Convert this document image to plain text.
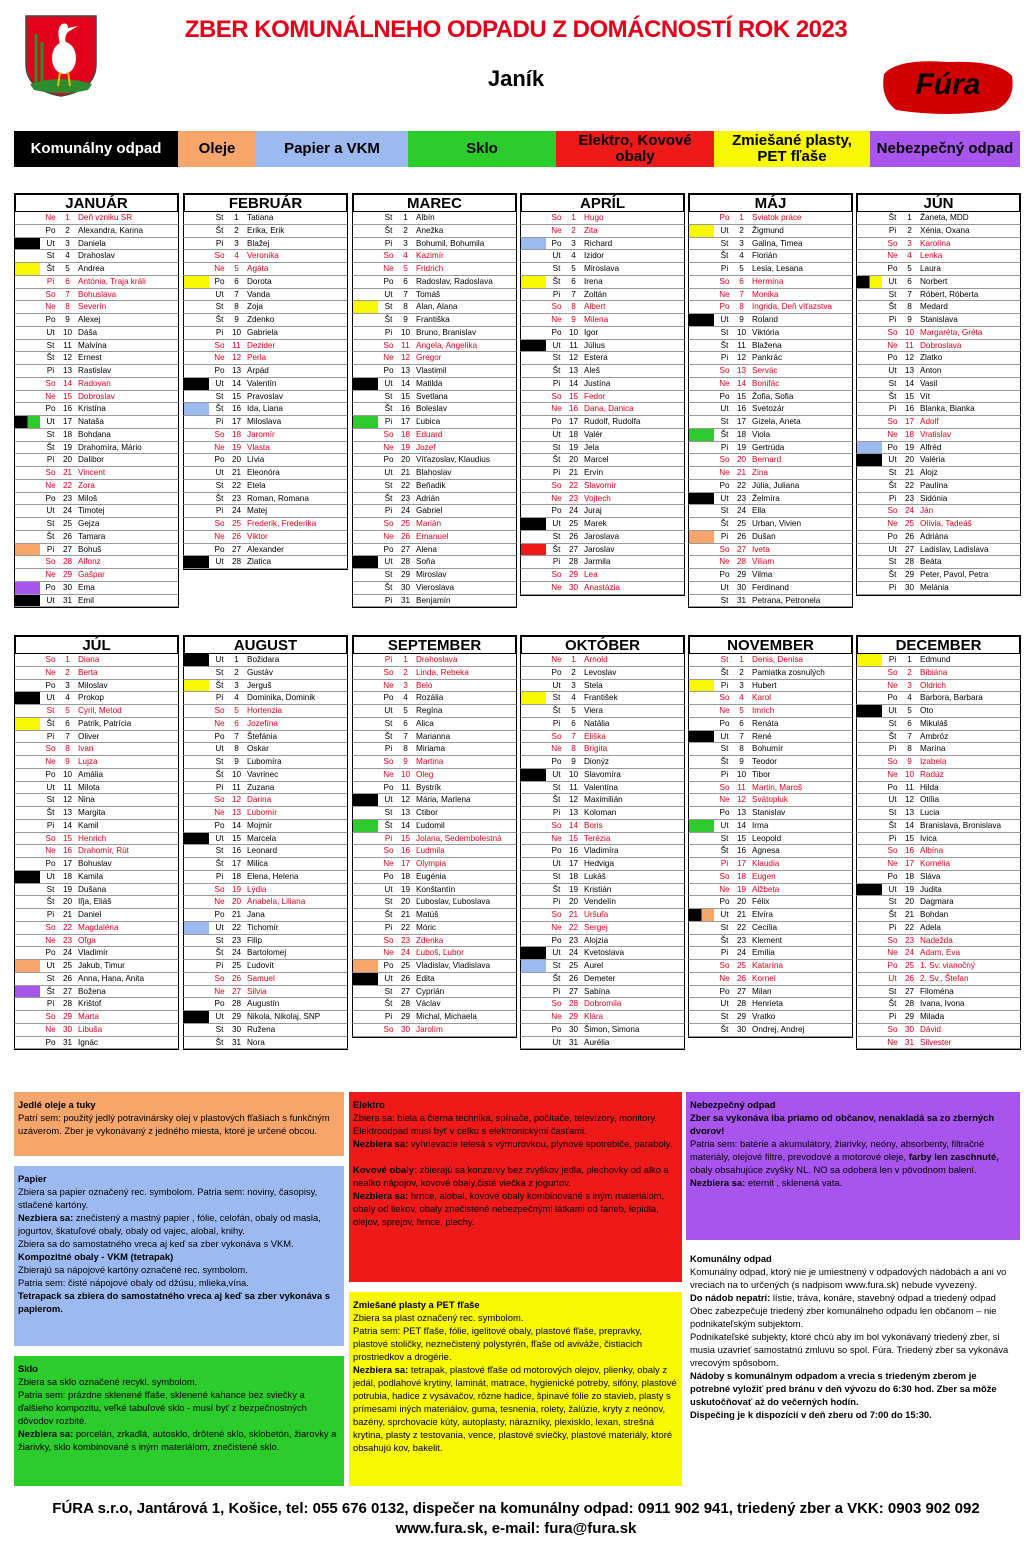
ZBER KOMUNÁLNEHO ODPADU Z DOMÁCNOSTÍ ROK 2023
Janík	Fúra
Komunálny odpad	Oleje	Papier a VKM	Sklo	Elektro, Kovové obaly
Zmiešané plasty, PET fľaše	Nebezpečný odpad
JANUÁR
Ne	1	Deň vzniku SR
Po	2	Alexandra, Karina
Ut	3	Daniela
St	4	Drahoslav
Št	5	Andrea
Pi	6	Antónia, Traja králi
So	7	Bohuslava
Ne	8	Severín
Po	9	Alexej
Ut	10 Dáša
St	11 Malvína
Št	12 Ernest
Pi	13 Rastislav
So 14 Radovan
Ne 15 Dobroslav
Po 16 Kristína
Ut	17 Nataša
St	18 Bohdana
Št	19 Drahomíra, Mário
Pi	20 Dalibor
So 21 Vincent
Ne 22 Zora
Po 23 Miloš
Ut	24 Timotej
St	25 Gejza
Št	26 Tamara
Pi	27 Bohuš
So 28 Alfonz
Ne 29 Gašpar
Po 30 Ema
Ut	31 Emil
FEBRUÁR
St	1	Tatiana
Št	2	Erika, Erik
Pi	3	Blažej
So	4	Veronika
Ne	5	Agáta
Po	6	Dorota
Ut	7	Vanda
St	8	Zoja
Št	9	Zdenko
Pi	10 Gabriela
So 11 Dezider
Ne 12 Perla
Po 13 Arpád
Ut	14 Valentín
St	15 Pravoslav
Št	16 Ida, Liana
Pi	17 Miloslava
So 18 Jaromír
Ne 19 Vlasta
Po 20 Lívia
Ut	21 Eleonóra
St	22 Etela
Št	23 Roman, Romana
Pi	24 Matej
So 25 Frederik, Frederika
Ne 26 Viktor
Po 27 Alexander
Ut	28 Zlatica
MAREC
St	1	Albín
Št	2	Anežka
Pi	3	Bohumil, Bohumila
So	4	Kazimír
Ne	5	Fridrich
Po	6	Radoslav, Radoslava
Ut	7	Tomáš
St	8	Alan, Alana
Št	9	Františka
Pi	10 Bruno, Branislav
So 11 Angela, Angelika
Ne 12 Gregor
Po 13 Vlastimil
Ut	14 Matilda
St	15 Svetlana
Št	16 Boleslav
Pi	17 Ľubica
So 18 Eduard
Ne 19 Jozef
Po 20 Víťazoslav, Klaudius
Ut	21 Blahoslav
St	22 Beňadik
Št	23 Adrián
Pi	24 Gabriel
So 25 Marián
Ne 26 Emanuel
Po 27 Alena
Ut	28 Soňa
St	29 Miroslav
Št	30 Vieroslava
Pi	31 Benjamín
APRÍL
So	1	Hugo
Ne	2	Zita
Po	3	Richard
Ut	4	Izidor
St	5	Miroslava
Št	6	Irena
Pi	7	Zoltán
So	8	Albert
Ne	9	Milena
Po 10 Igor
Ut	11 Július
St	12 Estera
Št	13 Aleš
Pi	14 Justína
So 15 Fedor
Ne 16 Dana, Danica
Po 17 Rudolf, Rudolfa
Ut	18 Valér
St	19 Jela
Št	20 Marcel
Pi	21 Ervín
So 22 Slavomír
Ne 23 Vojtech
Po 24 Juraj
Ut	25 Marek
St	26 Jaroslava
Št	27 Jaroslav
Pi	28 Jarmila
So 29 Lea
Ne 30 Anastázia
MÁJ
Po	1	Sviatok práce
Ut	2	Žigmund
St	3	Galina, Timea
Št	4	Florián
Pi	5	Lesia, Lesana
So	6	Hermína
Ne	7	Monika
Po	8	Ingrida, Deň víťazstva
Ut	9	Roland
St	10 Viktória
Št	11 Blažena
Pi	12 Pankrác
So 13 Servác
Ne 14 Bonifác
Po 15 Žofia, Sofia
Ut	16 Svetozár
St	17 Gizela, Aneta
Št	18 Viola
Pi	19 Gertrúda
So 20 Bernard
Ne 21 Zina
Po 22 Júlia, Juliana
Ut	23 Želmíra
St	24 Ella
Št	25 Urban, Vivien
Pi	26 Dušan
So 27 Iveta
Ne 28 Viliam
Po 29 Vilma
Ut	30 Ferdinand
St	31 Petrana, Petronela
JÚN
Št	1	Žaneta, MDD
Pi	2	Xénia, Oxana
So	3	Karolína
Ne	4	Lenka
Po	5	Laura
Ut	6	Norbert
St	7	Róbert, Róberta
Št	8	Medard
Pi	9	Stanislava
So 10 Margaréta, Gréta
Ne 11 Dobroslava
Po 12 Zlatko
Ut	13 Anton
St	14 Vasil
Št	15 Vít
Pi	16 Blanka, Bianka
So 17 Adolf
Ne 18 Vratislav
Po 19 Alfréd
Ut	20 Valéria
St	21 Alojz
Št	22 Paulína
Pi	23 Sidónia
So 24 Ján
Ne 25 Olívia, Tadeáš
Po 26 Adriána
Ut	27 Ladislav, Ladislava
St	28 Beáta
Št	29 Peter, Pavol, Petra
Pi	30 Melánia
JÚL
So	1	Diana
Ne	2	Berta
Po	3	Miloslav
Ut	4	Prokop
St	5	Cyril, Metod
Št	6	Patrik, Patrícia
Pi	7	Oliver
So	8	Ivan
Ne	9	Lujza
Po 10 Amália
Ut	11 Milota
St	12 Nina
Št	13 Margita
Pi	14 Kamil
So 15 Henrich
Ne 16 Drahomír, Rút
Po 17 Bohuslav
Ut	18 Kamila
St	19 Dušana
Št	20 Iľja, Eliáš
Pi	21 Daniel
So 22 Magdaléna
Ne 23 Oľga
Po 24 Vladimír
Ut	25 Jakub, Timur
St	26 Anna, Hana, Anita
Št	27 Božena
Pi	28 Krištof
So 29 Marta
Ne 30 Libuša
Po 31 Ignác
AUGUST
Ut	1	Božidara
St	2	Gustáv
Št	3	Jerguš
Pi	4	Dominika, Dominik
So	5	Hortenzia
Ne	6	Jozefína
Po	7	Štefánia
Ut	8	Oskar
St	9	Ľubomíra
Št	10 Vavrinec
Pi	11 Zuzana
So 12 Darina
Ne 13 Ľubomír
Po 14 Mojmír
Ut	15 Marcela
St	16 Leonard
Št	17 Milica
Pi	18 Elena, Helena
So 19 Lýdia
Ne 20 Anabela, Liliana
Po 21 Jana
Ut	22 Tichomír
St	23 Filip
Št	24 Bartolomej
Pi	25 Ľudovít
So 26 Samuel
Ne 27 Silvia
Po 28 Augustín
Ut	29 Nikola, Nikolaj, SNP
St	30 Ružena
Št	31 Nora
SEPTEMBER
Pi	1	Drahoslava
So	2	Linda, Rebeka
Ne	3	Belo
Po	4	Rozália
Ut	5	Regína
St	6	Alica
Št	7	Marianna
Pi	8	Miriama
So	9	Martina
Ne 10 Oleg
Po 11 Bystrík
Ut	12 Mária, Marlena
St	13 Ctibor
Št	14 Ľudomil
Pi	15 Jolana, Sedembolestná
So 16 Ľudmila
Ne 17 Olympia
Po 18 Eugénia
Ut	19 Konštantín
St	20 Ľuboslav, Ľuboslava
Št	21 Matúš
Pi	22 Móric
So 23 Zdenka
Ne 24 Ľuboš, Ľubor
Po 25 Vladislav, Vladislava
Ut	26 Edita
St	27 Cyprián
Št	28 Václav
Pi	29 Michal, Michaela
So 30 Jarolím
OKTÓBER
Ne	1	Arnold
Po	2	Levoslav
Ut	3	Stela
St	4	František
Št	5	Viera
Pi	6	Natália
So	7	Eliška
Ne	8	Brigita
Po	9	Dionýz
Ut	10 Slavomíra
St	11 Valentína
Št	12 Maximilián
Pi	13 Koloman
So 14 Boris
Ne 15 Terézia
Po 16 Vladimíra
Ut	17 Hedviga
St	18 Lukáš
Št	19 Kristián
Pi	20 Vendelín
So 21 Uršuľa
Ne 22 Sergej
Po 23 Alojzia
Ut	24 Kvetoslava
St	25 Aurel
Št	26 Demeter
Pi	27 Sabína
So 28 Dobromila
Ne 29 Klára
Po 30 Šimon, Simona
Ut	31 Aurélia
NOVEMBER
St	1	Denis, Denisa
Št	2	Pamiatka zosnulých
Pi	3	Hubert
So	4	Karol
Ne	5	Imrich
Po	6	Renáta
Ut	7	René
St	8	Bohumír
Št	9	Teodor
Pi	10 Tibor
So 11 Martin, Maroš
Ne 12 Svätopluk
Po 13 Stanislav
Ut	14 Irma
St	15 Leopold
Št	16 Agnesa
Pi	17 Klaudia
So 18 Eugen
Ne 19 Alžbeta
Po 20 Félix
Ut	21 Elvíra
St	22 Cecília
Št	23 Klement
Pi	24 Emília
So 25 Katarína
Ne 26 Kornel
Po 27 Milan
Ut	28 Henrieta
St	29 Vratko
Št	30 Ondrej, Andrej
DECEMBER
Pi	1	Edmund
So	2	Bibiána
Ne	3	Oldrich
Po	4	Barbora, Barbara
Ut	5	Oto
St	6	Mikuláš
Št	7	Ambróz
Pi	8	Marína
So	9	Izabela
Ne 10 Radúz
Po 11 Hilda
Ut	12 Otília
St	13 Lucia
Št	14 Branislava, Bronislava
Pi	15 Ivica
So 16 Albína
Ne 17 Kornélia
Po 18 Sláva
Ut	19 Judita
St	20 Dagmara
Št	21 Bohdan
Pi	22 Adela
So 23 Nadežda
Ne 24 Adam, Eva
Po 25 1. Sv. vianočný
Ut	26 2. Sv., Štefan
St	27 Filoména
Št	28 Ivana, Ivona
Pi	29 Milada
So 30 Dávid
Ne 31 Silvester
Jedlé oleje a tuky
Patrí sem: použitý jedlý potravinársky olej v plastových fľašiach s funkčným uzáverom. Zber je vykonávaný z jedného miesta, ktoré je určené obcou.
Papier
Zbiera sa papier označený rec. symbolom. Patria sem: noviny, časopisy, stlačené kartóny.
Nezbiera sa: znečistený a mastný papier , fólie, celofán, obaly od masla, jogurtov, škatuľové obaly, obaly od vajec, alobal, knihy.
Zbiera sa do samostatného vreca aj keď sa zber vykonáva s VKM.
Kompozitné obaly - VKM (tetrapak)
Zbierajú sa nápojové kartóny označené rec. symbolom.
Patria sem: čisté nápojové obaly od džúsu, mlieka,vína.
Tetrapack sa zbiera do samostatného vreca aj keď sa zber vykonáva s papierom.
Sklo
Zbiera sa sklo označené recykl. symbolom.
Patria sem: prázdne sklenené fľaše, sklenené kahance bez sviečky a ďalšieho kompozitu, veľké tabuľové sklo - musí byť z bezpečnostných dôvodov rozbité.
Nezbiera sa: porcelán, zrkadlá, autosklo, drôtené sklo, sklobetón, žiarovky a žiarivky, sklo kombinované s iným materiálom, znečistené sklo.
Elektro
Zbiera sa: biela a čierna technika, spínače, počítače, televízory, monitory.
Elektroodpad musí byť v celku s elektronickými časťami.
Nezbiera sa: vyhrievacie telesá s výmurovkou, plynové spotrebiče, paraboly.

Kovové obaly: zbierajú sa konzervy bez zvyškov jedla, plechovky od alko a nealko nápojov, kovové obaly,čisté viečka z jogurtov.
Nezbiera sa: hrnce, alobal, kovové obaly kombinované s iným materiálom, obaly od liekov, obaly znečistené nebezpečnými látkami od farieb, lepidla, olejov, sprejov, hrnce, plechy.
Zmiešané plasty a PET fľaše
Zbiera sa plast označený rec. symbolom.
Patria sem: PET fľaše, fólie, igelitové obaly, plastové fľaše, prepravky, plastové stoličky, neznečistený polystyrén, fľaše od aviváže, čistiacich prostriedkov a drogérie.
Nezbiera sa: tetrapak, plastové fľaše od motorových olejov, plienky, obaly z jedál, podlahové krytiny, laminát, matrace, hygienické potreby, sifóny, plastové potrubia, hadice z vysávačov, rôzne hadice, špinavé fólie zo stavieb, plasty s prímesami iných materiálov, guma, tesnenia, rolety, žalúzie, kryty z neónov, bazény, sprchovacie kúty, autoplasty, nárazníky, plexisklo, lexan, strešná krytina, plasty z testovania, vence, plastové sviečky, plastové materiály, ktoré obsahujú kov, bakelit.
Nebezpečný odpad
Zber sa vykonáva iba priamo od občanov, nenakladá sa zo zberných dvorov!
Patria sem: batérie a akumulátory, žiarivky, neóny, absorbenty, filtračné materiály, olejové filtre, prevodové a motorové oleje, farby len zaschnuté, obaly obsahujúce zvyšky NL. NO sa odoberá len v pôvodnom balení.
Nezbiera sa: eternit , sklenená vata.
Komunálny odpad
Komunálny odpad, ktorý nie je umiestnený v odpadových nádobách a ani vo vreciach na to určených (s nadpisom www.fura.sk) nebude vyvezený.
Do nádob nepatrí: lístie, tráva, konáre, stavebný odpad a triedený odpad
Obec zabezpečuje triedený zber komunálneho odpadu len občanom – nie podnikateľským subjektom.
Podnikateľské subjekty, ktoré chcú aby im bol vykonávaný triedený zber, si musia uzavrieť samostatnú zmluvu so spol. Fúra. Triedený zber sa vykonáva vrecovým spôsobom.
Nádoby s komunálnym odpadom a vrecia s triedeným zberom je potrebné vyložiť pred bránu v deň vývozu do 6:30 hod. Zber sa môže uskutočňovať až do večerných hodín.
Dispečing je k dispozícií v deň zberu od 7:00 do 15:30.
FÚRA s.r.o, Jantárová 1, Košice, tel: 055 676 0132, dispečer na komunálny odpad: 0911 902 941, triedený zber a VKK: 0903 902 092
www.fura.sk, e-mail: fura@fura.sk
